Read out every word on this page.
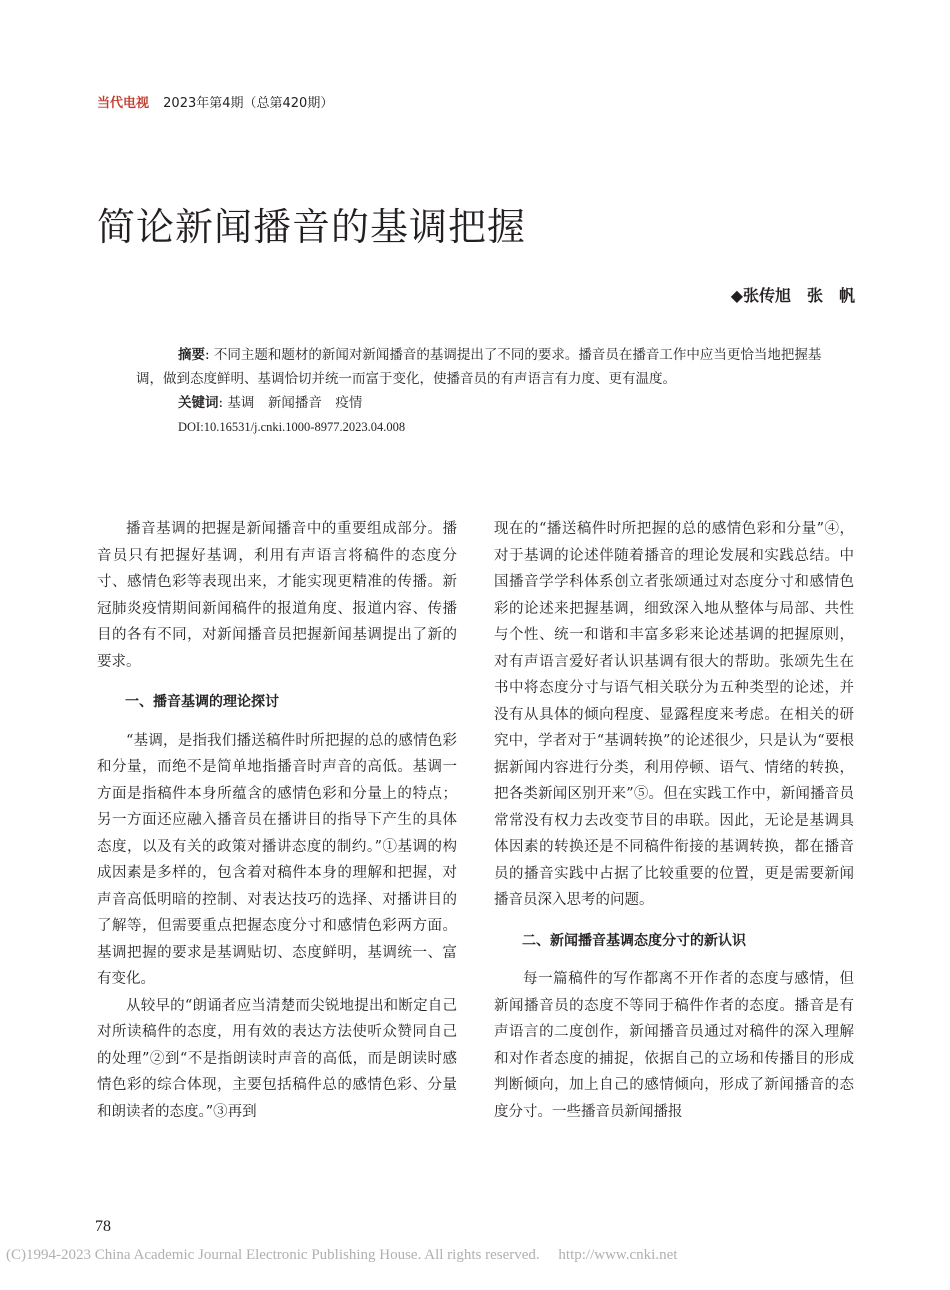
当代电视 2023年第4期（总第420期）
简论新闻播音的基调把握
◆张传旭　张　帆

摘要: 不同主题和题材的新闻对新闻播音的基调提出了不同的要求。播音员在播音工作中应当更恰当地把握基调，做到态度鲜明、基调恰切并统一而富于变化，使播音员的有声语言有力度、更有温度。

关键词: 基调　新闻播音　疫情

DOI:10.16531/j.cnki.1000-8977.2023.04.008

播音基调的把握是新闻播音中的重要组成部分。播音员只有把握好基调，利用有声语言将稿件的态度分寸、感情色彩等表现出来，才能实现更精准的传播。新冠肺炎疫情期间新闻稿件的报道角度、报道内容、传播目的各有不同，对新闻播音员把握新闻基调提出了新的要求。

一、播音基调的理论探讨

“基调，是指我们播送稿件时所把握的总的感情色彩和分量，而绝不是简单地指播音时声音的高低。基调一方面是指稿件本身所蕴含的感情色彩和分量上的特点；另一方面还应融入播音员在播讲目的指导下产生的具体态度，以及有关的政策对播讲态度的制约。”①基调的构成因素是多样的，包含着对稿件本身的理解和把握，对声音高低明暗的控制、对表达技巧的选择、对播讲目的了解等，但需要重点把握态度分寸和感情色彩两方面。基调把握的要求是基调贴切、态度鲜明，基调统一、富有变化。

从较早的“朗诵者应当清楚而尖锐地提出和断定自己对所读稿件的态度，用有效的表达方法使听众赞同自己的处理”②到“不是指朗读时声音的高低，而是朗读时感情色彩的综合体现，主要包括稿件总的感情色彩、分量和朗读者的态度。”③再到

现在的“播送稿件时所把握的总的感情色彩和分量”④，对于基调的论述伴随着播音的理论发展和实践总结。中国播音学学科体系创立者张颂通过对态度分寸和感情色彩的论述来把握基调，细致深入地从整体与局部、共性与个性、统一和谐和丰富多彩来论述基调的把握原则，对有声语言爱好者认识基调有很大的帮助。张颂先生在书中将态度分寸与语气相关联分为五种类型的论述，并没有从具体的倾向程度、显露程度来考虑。在相关的研究中，学者对于“基调转换”的论述很少，只是认为“要根据新闻内容进行分类，利用停顿、语气、情绪的转换，把各类新闻区别开来”⑤。但在实践工作中，新闻播音员常常没有权力去改变节目的串联。因此，无论是基调具体因素的转换还是不同稿件衔接的基调转换，都在播音员的播音实践中占据了比较重要的位置，更是需要新闻播音员深入思考的问题。

二、新闻播音基调态度分寸的新认识

每一篇稿件的写作都离不开作者的态度与感情，但新闻播音员的态度不等同于稿件作者的态度。播音是有声语言的二度创作，新闻播音员通过对稿件的深入理解和对作者态度的捕捉，依据自己的立场和传播目的形成判断倾向，加上自己的感情倾向，形成了新闻播音的态度分寸。一些播音员新闻播报

78
(C)1994-2023 China Academic Journal Electronic Publishing House. All rights reserved.　 http://www.cnki.net
